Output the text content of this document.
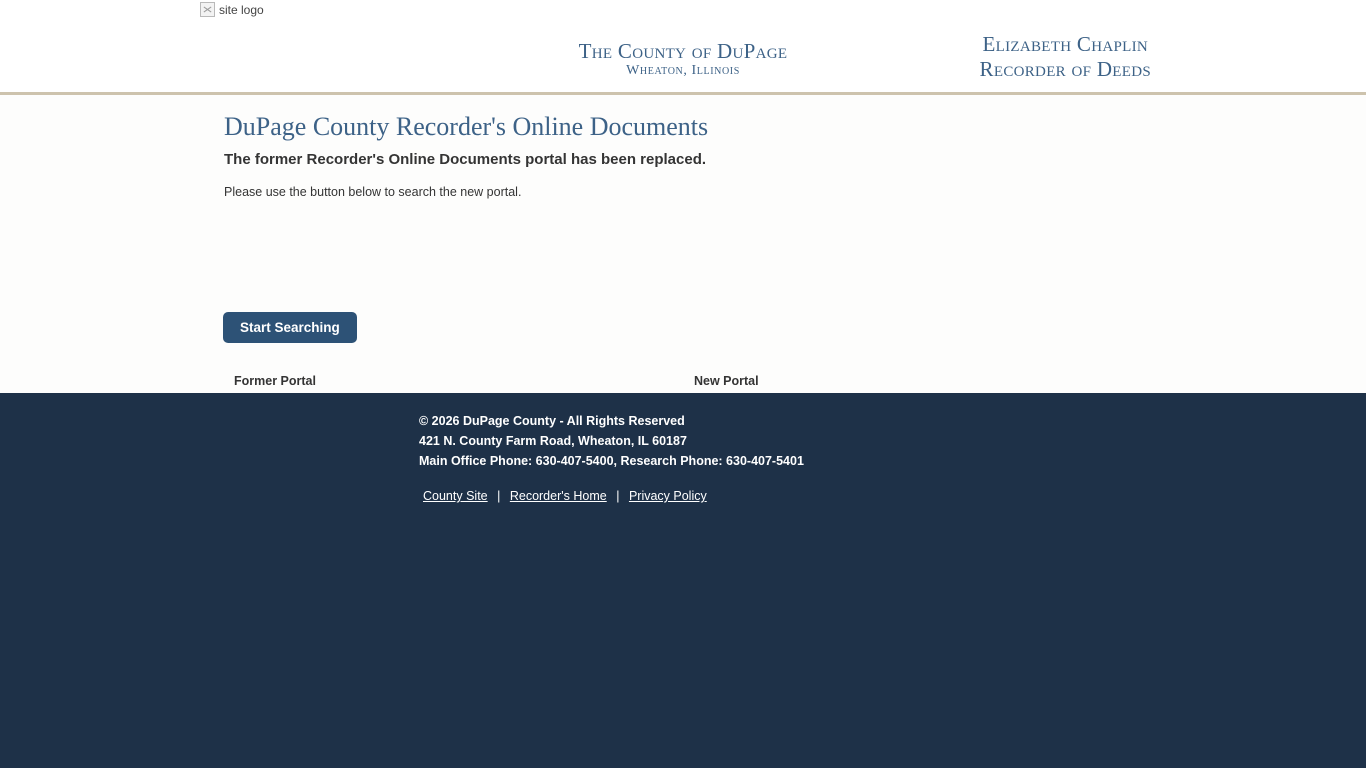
site logo
The County of DuPage
Wheaton, Illinois
Elizabeth Chaplin
Recorder of Deeds
DuPage County Recorder's Online Documents
The former Recorder's Online Documents portal has been replaced.
Please use the button below to search the new portal.
Start Searching
Former Portal	New Portal
© 2026 DuPage County - All Rights Reserved
421 N. County Farm Road, Wheaton, IL 60187
Main Office Phone: 630-407-5400, Research Phone: 630-407-5401
County Site | Recorder's Home | Privacy Policy
